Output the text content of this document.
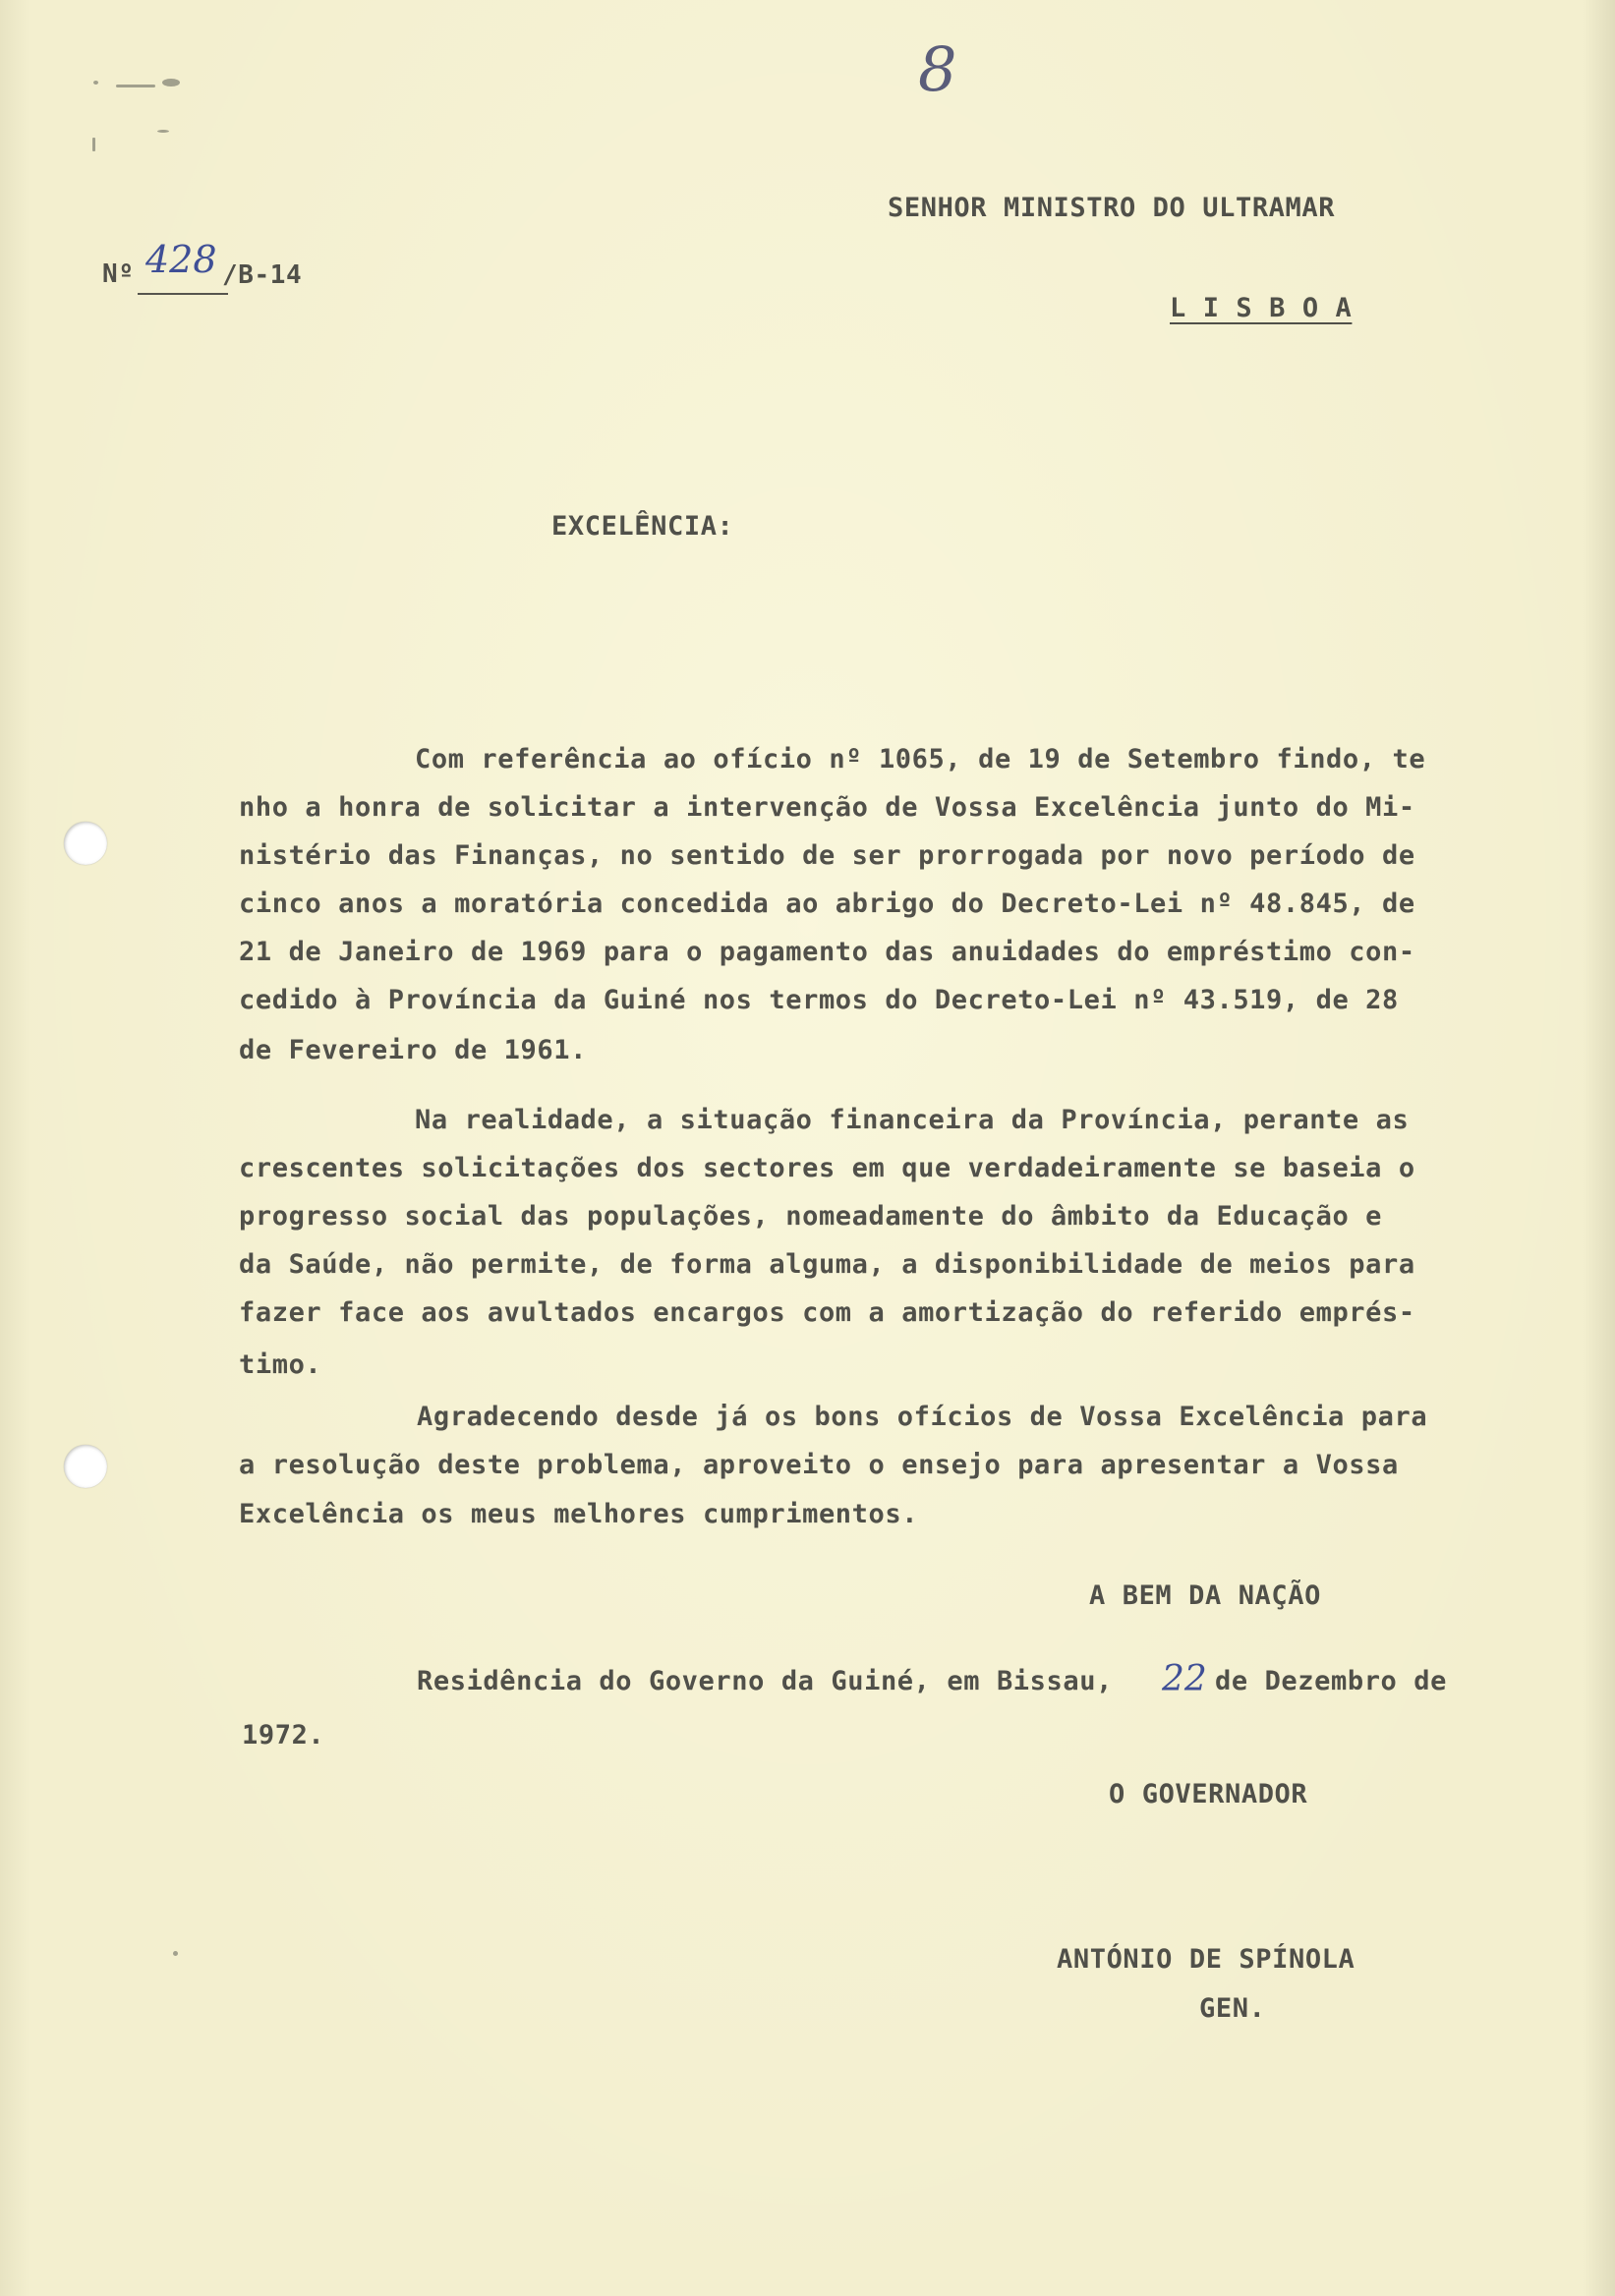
8

Nº 428 /B-14

SENHOR MINISTRO DO ULTRAMAR

L I S B O A

EXCELÊNCIA:

Com referência ao ofício nº 1065, de 19 de Setembro findo, te

nho a honra de solicitar a intervenção de Vossa Excelência junto do Mi-

nistério das Finanças, no sentido de ser prorrogada por novo período de

cinco anos a moratória concedida ao abrigo do Decreto-Lei nº 48.845, de

21 de Janeiro de 1969 para o pagamento das anuidades do empréstimo con-

cedido à Província da Guiné nos termos do Decreto-Lei nº 43.519, de 28

de Fevereiro de 1961.

Na realidade, a situação financeira da Província, perante as

crescentes solicitações dos sectores em que verdadeiramente se baseia o

progresso social das populações, nomeadamente do âmbito da Educação e

da Saúde, não permite, de forma alguma, a disponibilidade de meios para

fazer face aos avultados encargos com a amortização do referido emprés-

timo.

Agradecendo desde já os bons ofícios de Vossa Excelência para

a resolução deste problema, aproveito o ensejo para apresentar a Vossa

Excelência os meus melhores cumprimentos.

A BEM DA NAÇÃO

Residência do Governo da Guiné, em Bissau, 22 de Dezembro de

1972.

O GOVERNADOR

ANTÓNIO DE SPÍNOLA

GEN.
